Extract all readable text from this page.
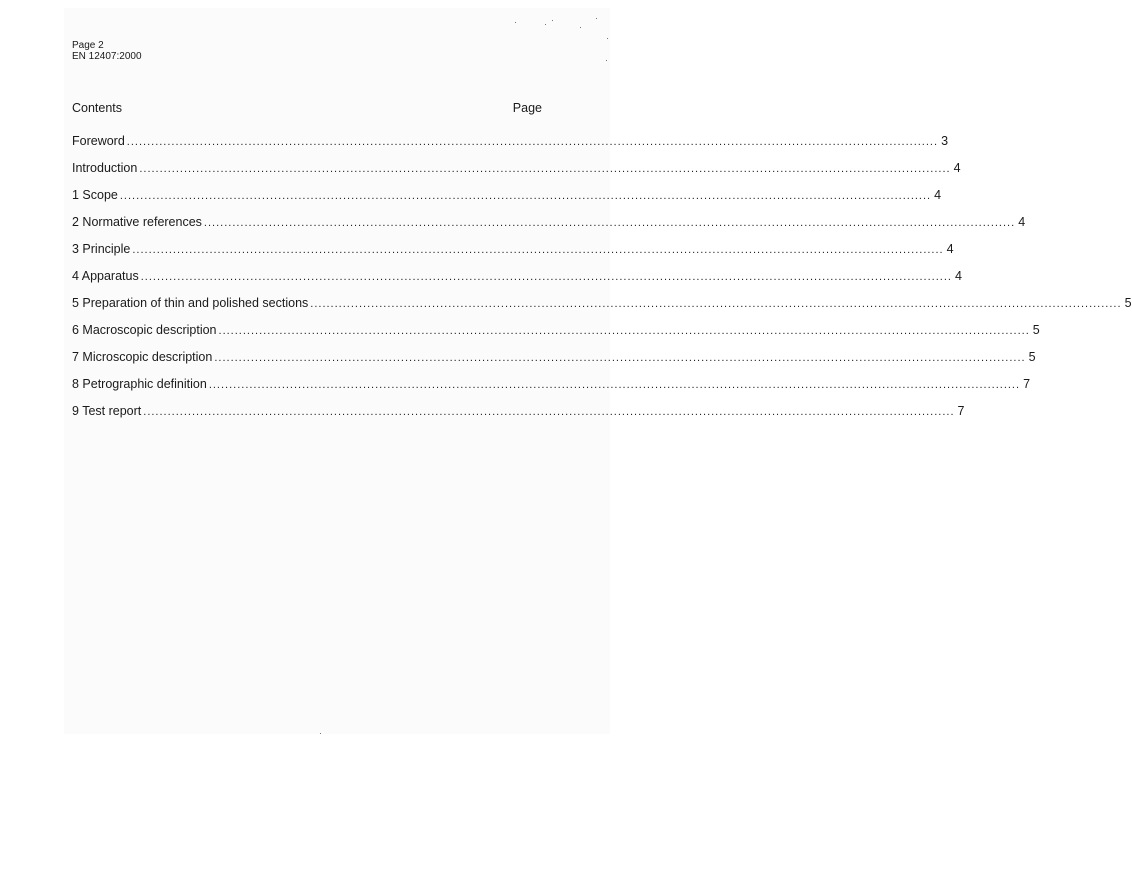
Page 2
EN 12407:2000
Contents	Page
Foreword ........................................................................................................................................................................................................ 3
Introduction ........................................................................................................................................................................................................ 4
1 Scope ........................................................................................................................................................................................................ 4
2 Normative references ........................................................................................................................................................................................................ 4
3 Principle ........................................................................................................................................................................................................ 4
4 Apparatus ........................................................................................................................................................................................................ 4
5 Preparation of thin and polished sections ........................................................................................................................................................................................................ 5
6 Macroscopic description ........................................................................................................................................................................................................ 5
7 Microscopic description ........................................................................................................................................................................................................ 5
8 Petrographic definition ........................................................................................................................................................................................................ 7
9 Test report ........................................................................................................................................................................................................ 7
